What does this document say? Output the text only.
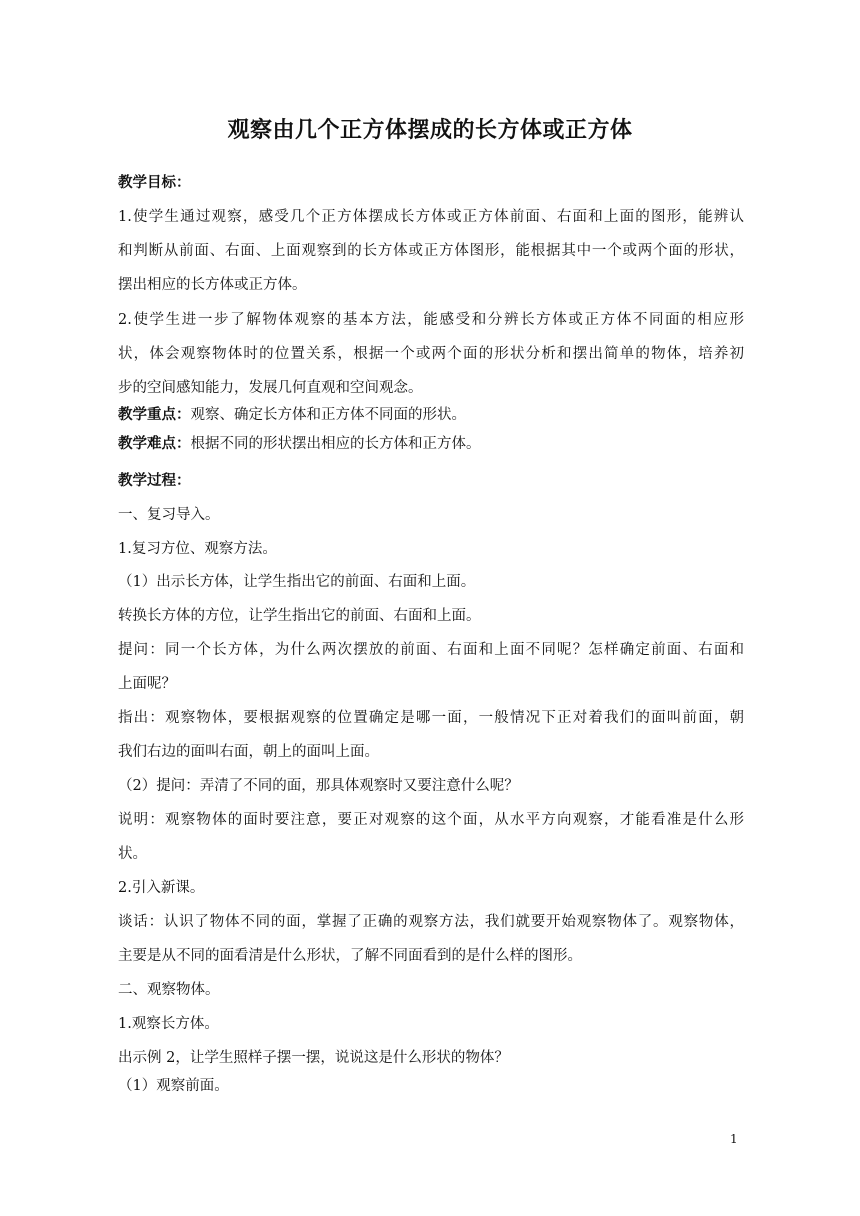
观察由几个正方体摆成的长方体或正方体
教学目标：
1.使学生通过观察，感受几个正方体摆成长方体或正方体前面、右面和上面的图形，能辨认
和判断从前面、右面、上面观察到的长方体或正方体图形，能根据其中一个或两个面的形状，
摆出相应的长方体或正方体。
2.使学生进一步了解物体观察的基本方法，能感受和分辨长方体或正方体不同面的相应形
状，体会观察物体时的位置关系，根据一个或两个面的形状分析和摆出简单的物体，培养初
步的空间感知能力，发展几何直观和空间观念。
教学重点：观察、确定长方体和正方体不同面的形状。
教学难点：根据不同的形状摆出相应的长方体和正方体。
教学过程：
一、复习导入。
1.复习方位、观察方法。
（1）出示长方体，让学生指出它的前面、右面和上面。
转换长方体的方位，让学生指出它的前面、右面和上面。
提问：同一个长方体，为什么两次摆放的前面、右面和上面不同呢？怎样确定前面、右面和
上面呢？
指出：观察物体，要根据观察的位置确定是哪一面，一般情况下正对着我们的面叫前面，朝
我们右边的面叫右面，朝上的面叫上面。
（2）提问：弄清了不同的面，那具体观察时又要注意什么呢？
说明：观察物体的面时要注意，要正对观察的这个面，从水平方向观察，才能看准是什么形
状。
2.引入新课。
谈话：认识了物体不同的面，掌握了正确的观察方法，我们就要开始观察物体了。观察物体，
主要是从不同的面看清是什么形状，了解不同面看到的是什么样的图形。
二、观察物体。
1.观察长方体。
出示例 2，让学生照样子摆一摆，说说这是什么形状的物体？
（1）观察前面。
1
